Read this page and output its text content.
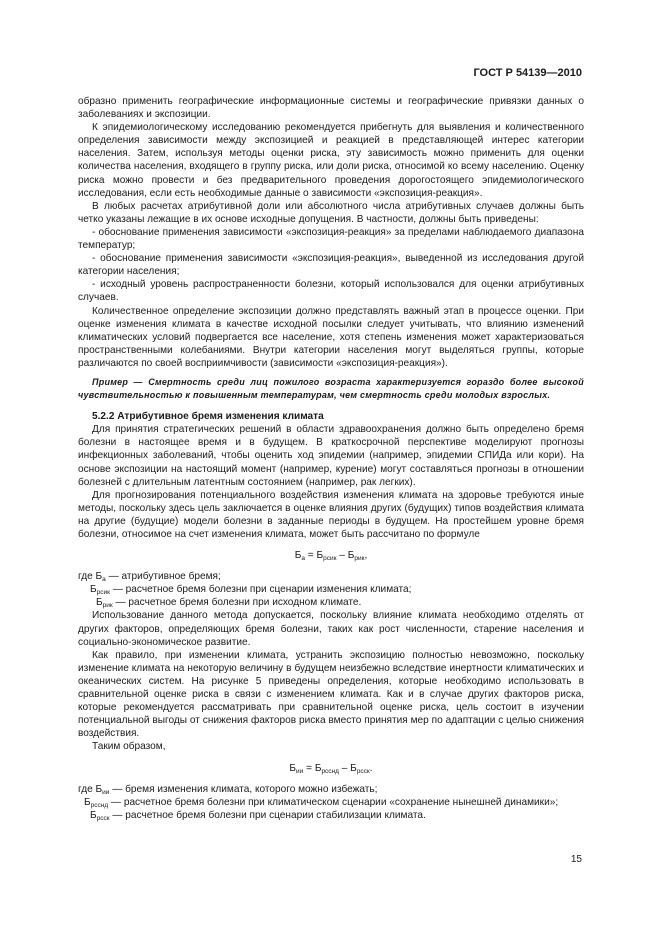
ГОСТ Р 54139—2010

образно применить географические информационные системы и географические привязки данных о заболеваниях и экспозиции.

К эпидемиологическому исследованию рекомендуется прибегнуть для выявления и количественного определения зависимости между экспозицией и реакцией в представляющей интерес категории населения. Затем, используя методы оценки риска, эту зависимость можно применить для оценки количества населения, входящего в группу риска, или доли риска, относимой ко всему населению. Оценку риска можно провести и без предварительного проведения дорогостоящего эпидемиологического исследования, если есть необходимые данные о зависимости «экспозиция-реакция».

В любых расчетах атрибутивной доли или абсолютного числа атрибутивных случаев должны быть четко указаны лежащие в их основе исходные допущения. В частности, должны быть приведены:

- обоснование применения зависимости «экспозиция-реакция» за пределами наблюдаемого диапазона температур;

- обоснование применения зависимости «экспозиция-реакция», выведенной из исследования другой категории населения;

- исходный уровень распространенности болезни, который использовался для оценки атрибутивных случаев.

Количественное определение экспозиции должно представлять важный этап в процессе оценки. При оценке изменения климата в качестве исходной посылки следует учитывать, что влиянию изменений климатических условий подвергается все население, хотя степень изменения может характеризоваться пространственными колебаниями. Внутри категории населения могут выделяться группы, которые различаются по своей восприимчивости (зависимости «экспозиция-реакция»).

Пример — Смертность среди лиц пожилого возраста характеризуется гораздо более высокой чувствительностью к повышенным температурам, чем смертность среди молодых взрослых.

5.2.2 Атрибутивное бремя изменения климата

Для принятия стратегических решений в области здравоохранения должно быть определено бремя болезни в настоящее время и в будущем. В краткосрочной перспективе моделируют прогнозы инфекционных заболеваний, чтобы оценить ход эпидемии (например, эпидемии СПИДа или кори). На основе экспозиции на настоящий момент (например, курение) могут составляться прогнозы в отношении болезней с длительным латентным состоянием (например, рак легких).

Для прогнозирования потенциального воздействия изменения климата на здоровье требуются иные методы, поскольку здесь цель заключается в оценке влияния других (будущих) типов воздействия климата на другие (будущие) модели болезни в заданные периоды в будущем. На простейшем уровне бремя болезни, относимое на счет изменения климата, может быть рассчитано по формуле

$Б_а = Б_{рсик} - Б_{рик}$,

где $Б_а$ — атрибутивное бремя;

$Б_{рсик}$ — расчетное бремя болезни при сценарии изменения климата;

$Б_{рик}$ — расчетное бремя болезни при исходном климате.

Использование данного метода допускается, поскольку влияние климата необходимо отделять от других факторов, определяющих бремя болезни, таких как рост численности, старение населения и социально-экономическое развитие.

Как правило, при изменении климата, устранить экспозицию полностью невозможно, поскольку изменение климата на некоторую величину в будущем неизбежно вследствие инертности климатических и океанических систем. На рисунке 5 приведены определения, которые необходимо использовать в сравнительной оценке риска в связи с изменением климата. Как и в случае других факторов риска, которые рекомендуется рассматривать при сравнительной оценке риска, цель состоит в изучении потенциальной выгоды от снижения факторов риска вместо принятия мер по адаптации с целью снижения воздействия.

Таким образом,

$Б_{ии} = Б_{рсснд} - Б_{рсск}$.

где $Б_{ии}$ — бремя изменения климата, которого можно избежать;

$Б_{рсснд}$ — расчетное бремя болезни при климатическом сценарии «сохранение нынешней динамики»;

$Б_{рсск}$ — расчетное бремя болезни при сценарии стабилизации климата.

15
